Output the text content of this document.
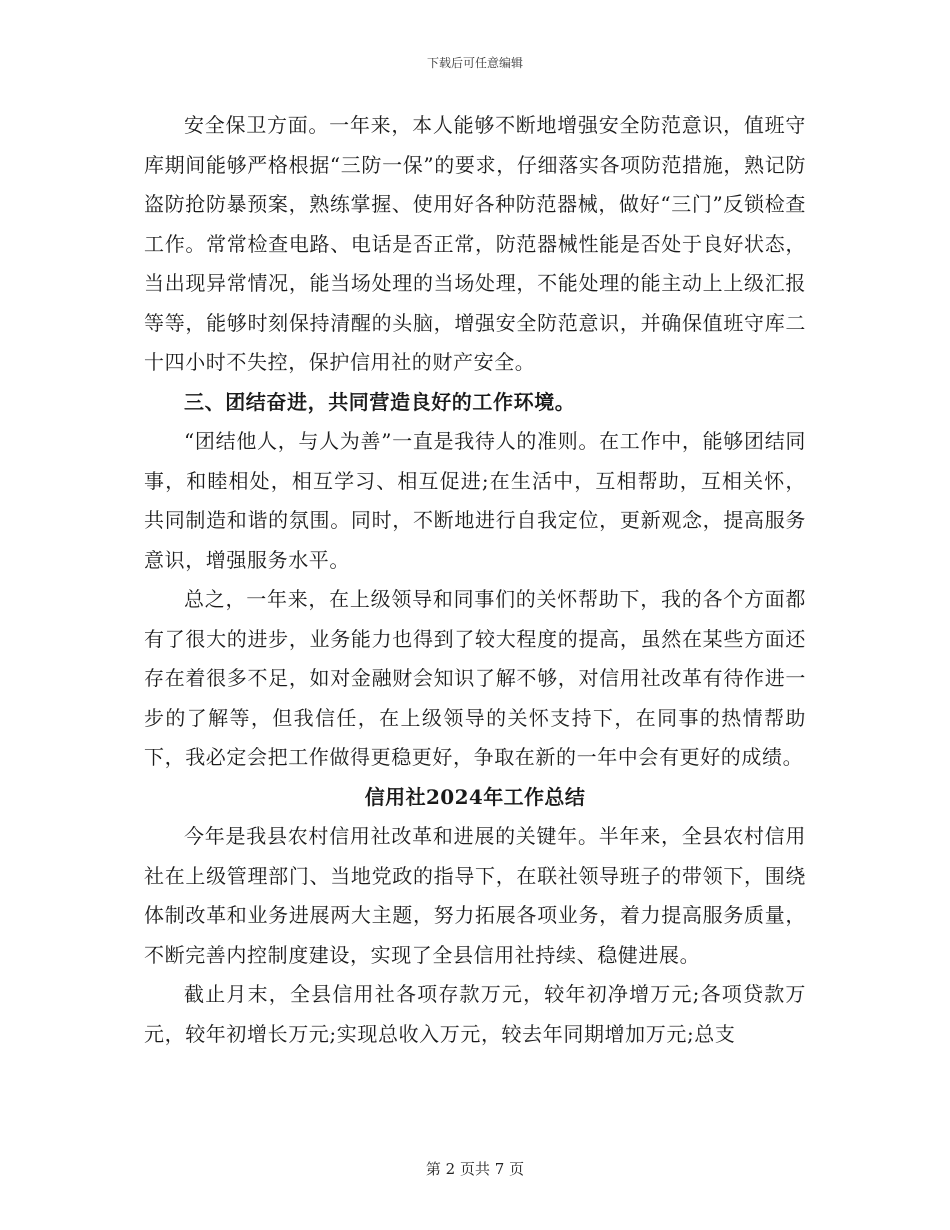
下载后可任意编辑

安全保卫方面。一年来，本人能够不断地增强安全防范意识，值班守库期间能够严格根据“三防一保”的要求，仔细落实各项防范措施，熟记防盗防抢防暴预案，熟练掌握、使用好各种防范器械，做好“三门”反锁检查工作。常常检查电路、电话是否正常，防范器械性能是否处于良好状态，当出现异常情况，能当场处理的当场处理，不能处理的能主动上上级汇报等等，能够时刻保持清醒的头脑，增强安全防范意识，并确保值班守库二十四小时不失控，保护信用社的财产安全。

三、团结奋进，共同营造良好的工作环境。

“团结他人，与人为善”一直是我待人的准则。在工作中，能够团结同事，和睦相处，相互学习、相互促进;在生活中，互相帮助，互相关怀，共同制造和谐的氛围。同时，不断地进行自我定位，更新观念，提高服务意识，增强服务水平。

总之，一年来，在上级领导和同事们的关怀帮助下，我的各个方面都有了很大的进步，业务能力也得到了较大程度的提高，虽然在某些方面还存在着很多不足，如对金融财会知识了解不够，对信用社改革有待作进一步的了解等，但我信任，在上级领导的关怀支持下，在同事的热情帮助下，我必定会把工作做得更稳更好，争取在新的一年中会有更好的成绩。

信用社2024年工作总结

今年是我县农村信用社改革和进展的关键年。半年来，全县农村信用社在上级管理部门、当地党政的指导下，在联社领导班子的带领下，围绕体制改革和业务进展两大主题，努力拓展各项业务，着力提高服务质量，不断完善内控制度建设，实现了全县信用社持续、稳健进展。

截止月末，全县信用社各项存款万元，较年初净增万元;各项贷款万元，较年初增长万元;实现总收入万元，较去年同期增加万元;总支

第 2 页共 7 页
